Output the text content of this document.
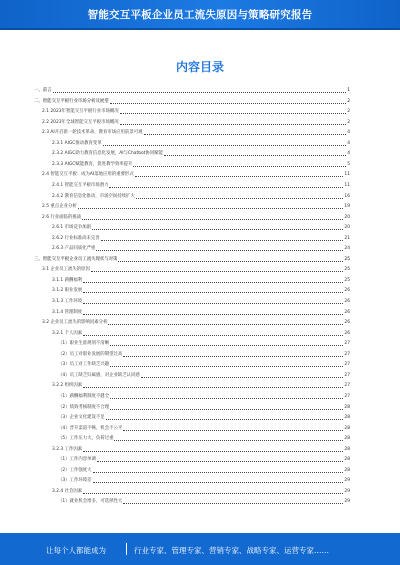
智能交互平板企业员工流失原因与策略研究报告
内容目录
一、前言	1
二、智能交互平板行业市场分析及展望	2
2.1 2023年智能交互平板行业市场概况	2
2.2 2023年全球智能交互平板市场概况	2
2.3 AI开启新一轮技术革命，教育市场应用前景可观	4
2.3.1 AIGC推动教育变革	4
2.3.2 AIGC助力教育信息化发展，AI与Chatbot协同赋能	4
2.3.3 AIGC赋能教育，促进教学效率提升	5
2.4 智能交互平板：成为AI落地应用的重要形式	11
2.4.1 智能交互平板市场潜力	11
2.4.2 教育信息化推动，市场空间持续扩大	16
2.5 重点企业分析	19
2.6 行业面临的挑战	20
2.6.1 市场竞争加剧	20
2.6.2 行业标准尚未完善	21
2.6.3 产品同质化严重	24
三、智能交互平板企业员工流失现状与对策	25
3.1 企业员工流失的原因	25
3.1.1 薪酬福利	25
3.1.2 职业发展	26
3.1.3 工作环境	26
3.1.4 管理制度	26
3.2 企业员工流失的影响因素分析	26
3.2.1 个人因素	26
（1）职业生涯规划不清晰	27
（2）员工对职业发展的期望过高	27
（3）员工对工作缺乏兴趣	27
（4）员工缺乏归属感，对企业缺乏认同感	27
3.2.2 组织因素	27
（1）薪酬福利制度不健全	27
（2）绩效考核制度不合理	28
（3）企业文化建设不足	28
（4）晋升渠道不畅，机会不公平	28
（5）工作压力大，负荷过重	28
3.2.3 工作因素	28
（1）工作内容单调	28
（2）工作强度大	28
（3）工作环境差	29
3.2.4 社会因素	29
（1）就业机会增多，可选择性大	29
让每个人都能成为	行业专家、管理专家、营销专家、战略专家、运营专家……
